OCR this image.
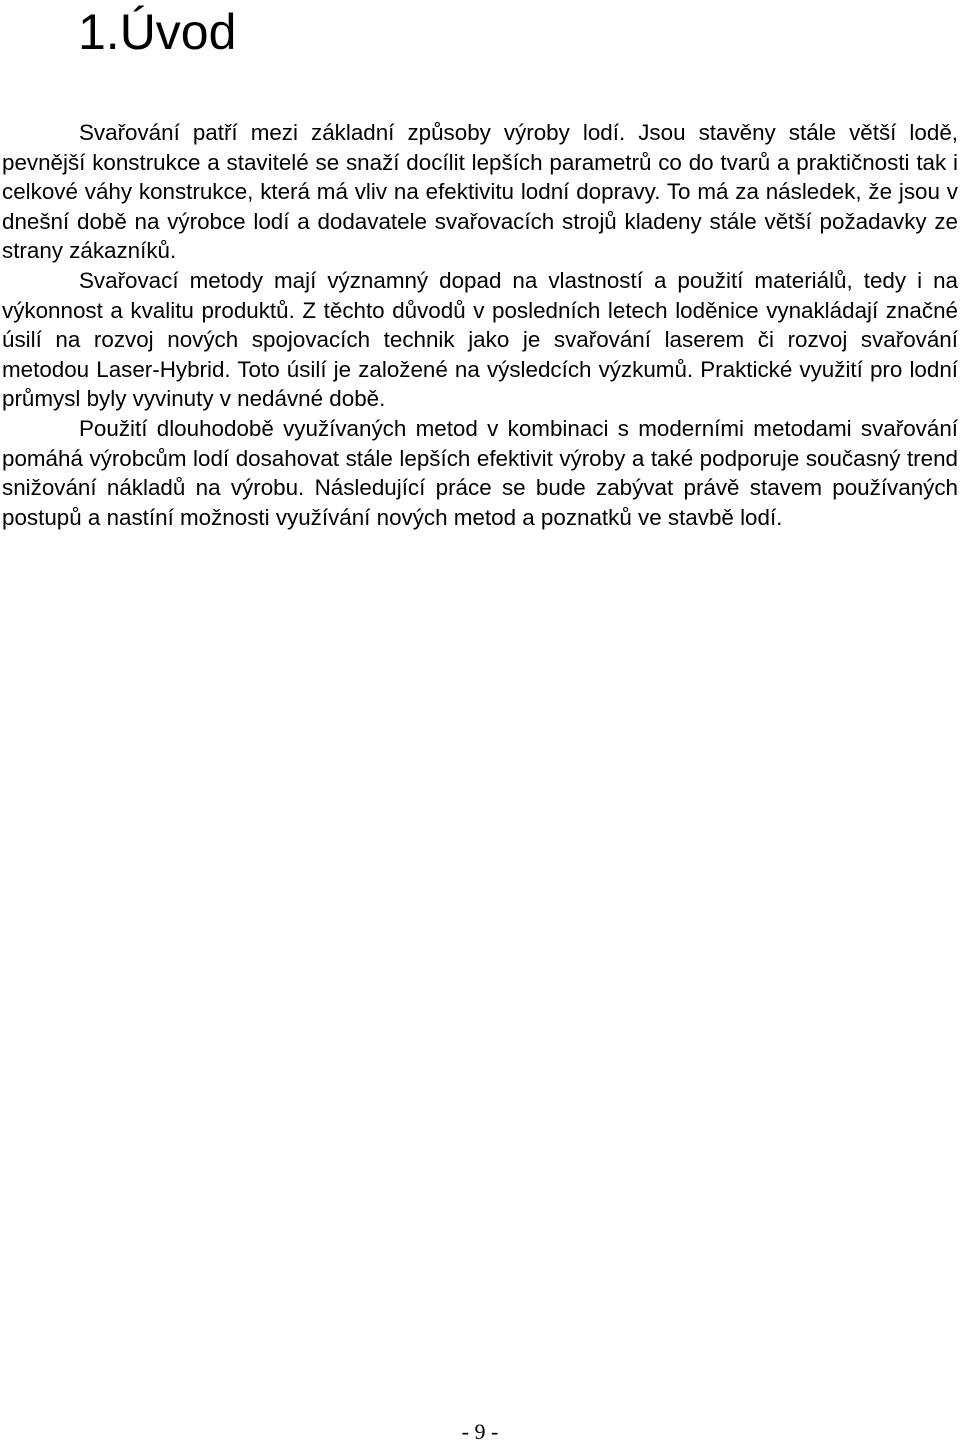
1.Úvod

Svařování patří mezi základní způsoby výroby lodí. Jsou stavěny stále větší lodě, pevnější konstrukce a stavitelé se snaží docílit lepších parametrů co do tvarů a praktičnosti tak i celkové váhy konstrukce, která má vliv na efektivitu lodní dopravy. To má za následek, že jsou v dnešní době na výrobce lodí a dodavatele svařovacích strojů kladeny stále větší požadavky ze strany zákazníků.

Svařovací metody mají významný dopad na vlastností a použití materiálů, tedy i na výkonnost a kvalitu produktů. Z těchto důvodů v posledních letech loděnice vynakládají značné úsilí na rozvoj nových spojovacích technik jako je svařování laserem či rozvoj svařování metodou Laser-Hybrid. Toto úsilí je založené na výsledcích výzkumů. Praktické využití pro lodní průmysl byly vyvinuty v nedávné době.

Použití dlouhodobě využívaných metod v kombinaci s moderními metodami svařování pomáhá výrobcům lodí dosahovat stále lepších efektivit výroby a také podporuje současný trend snižování nákladů na výrobu. Následující práce se bude zabývat právě stavem používaných postupů a nastíní možnosti využívání nových metod a poznatků ve stavbě lodí.

- 9 -
